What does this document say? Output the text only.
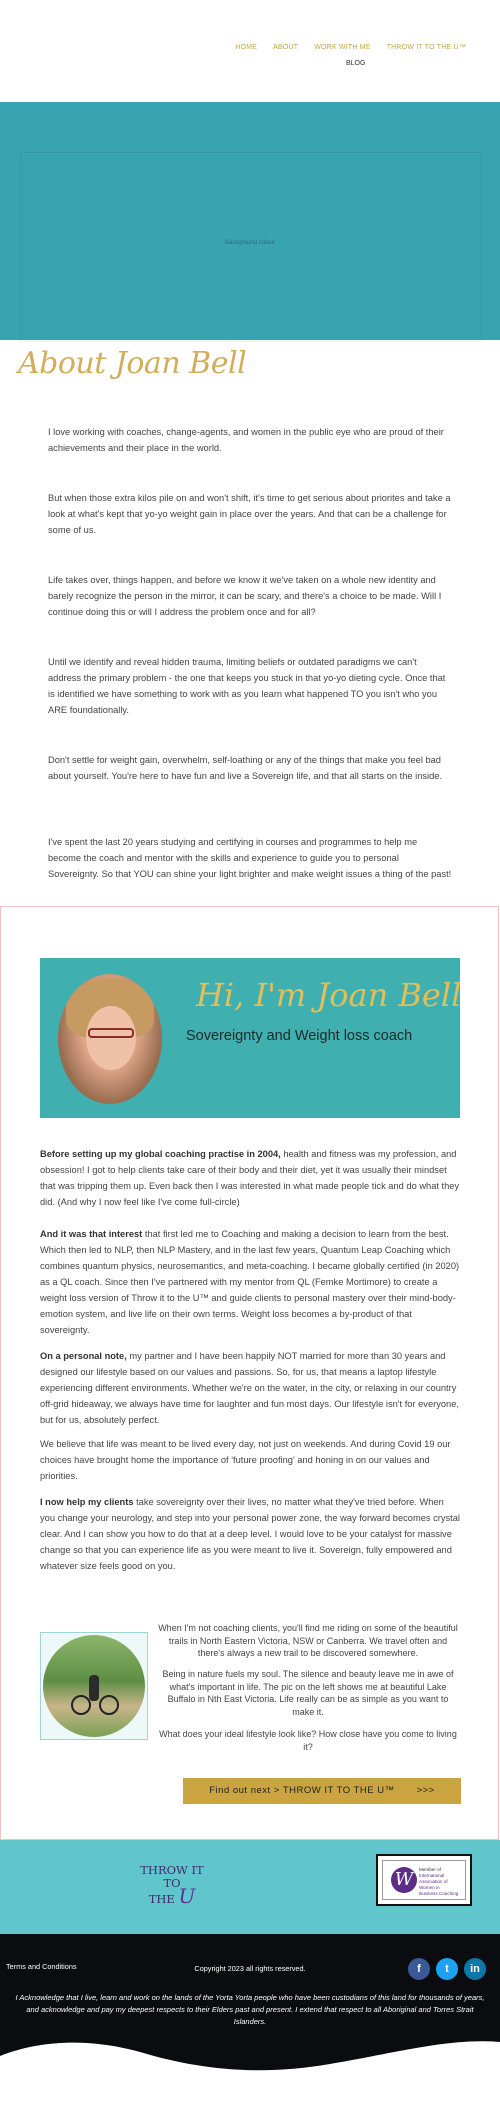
HOME ABOUT WORK WITH ME THROW IT TO THE U™
BLOG
Background colour
About Joan Bell
I love working with coaches, change-agents, and women in the public eye who are proud of their achievements and their place in the world.
But when those extra kilos pile on and won't shift, it's time to get serious about priorites and take a look at what's kept that yo-yo weight gain in place over the years. And that can be a challenge for some of us.
Life takes over, things happen, and before we know it we've taken on a whole new identity and barely recognize the person in the mirror, it can be scary, and there's a choice to be made. Will I continue doing this or will I address the problem once and for all?
Until we identify and reveal hidden trauma, limiting beliefs or outdated paradigms we can't address the primary problem - the one that keeps you stuck in that yo-yo dieting cycle. Once that is identified we have something to work with as you learn what happened TO you isn't who you ARE foundationally.
Don't settle for weight gain, overwhelm, self-loathing or any of the things that make you feel bad about yourself. You're here to have fun and live a Sovereign life, and that all starts on the inside.
I've spent the last 20 years studying and certifying in courses and programmes to help me become the coach and mentor with the skills and experience to guide you to personal Sovereignty. So that YOU can shine your light brighter and make weight issues a thing of the past!
Hi, I'm Joan Bell
Sovereignty and Weight loss coach
Before setting up my global coaching practise in 2004, health and fitness was my profession, and obsession! I got to help clients take care of their body and their diet, yet it was usually their mindset that was tripping them up. Even back then I was interested in what made people tick and do what they did. (And why I now feel like I've come full-circle)
And it was that interest that first led me to Coaching and making a decision to learn from the best. Which then led to NLP, then NLP Mastery, and in the last few years, Quantum Leap Coaching which combines quantum physics, neurosemantics, and meta-coaching. I became globally certified (in 2020) as a QL coach. Since then I've partnered with my mentor from QL (Femke Mortimore) to create a weight loss version of Throw it to the U™ and guide clients to personal mastery over their mind-body-emotion system, and live life on their own terms. Weight loss becomes a by-product of that sovereignty.
On a personal note, my partner and I have been happily NOT married for more than 30 years and designed our lifestyle based on our values and passions. So, for us, that means a laptop lifestyle experiencing different environments. Whether we're on the water, in the city, or relaxing in our country off-grid hideaway, we always have time for laughter and fun most days. Our lifestyle isn't for everyone, but for us, absolutely perfect.
We believe that life was meant to be lived every day, not just on weekends. And during Covid 19 our choices have brought home the importance of 'future proofing' and honing in on our values and priorities.
I now help my clients take sovereignty over their lives, no matter what they've tried before. When you change your neurology, and step into your personal power zone, the way forward becomes crystal clear. And I can show you how to do that at a deep level. I would love to be your catalyst for massive change so that you can experience life as you were meant to live it. Sovereign, fully empowered and whatever size feels good on you.
When I'm not coaching clients, you'll find me riding on some of the beautiful trails in North Eastern Victoria, NSW or Canberra. We travel often and there's always a new trail to be discovered somewhere.
Being in nature fuels my soul. The silence and beauty leave me in awe of what's important in life. The pic on the left shows me at beautiful Lake Buffalo in Nth East Victoria. Life really can be as simple as you want to make it.
What does your ideal lifestyle look like? How close have you come to living it?
Find out next > THROW IT TO THE U™ >>>
THROW IT TO
THE U
W	Member of
International Association of
Women in
Business Coaching
Terms and Conditions	Copyright 2023 all rights reserved.	f	t	in
I Acknowledge that I live, learn and work on the lands of the Yorta Yorta people who have been custodians of this land for thousands of years, and acknowledge and pay my deepest respects to their Elders past and present. I extend that respect to all Aboriginal and Torres Strait Islanders.
